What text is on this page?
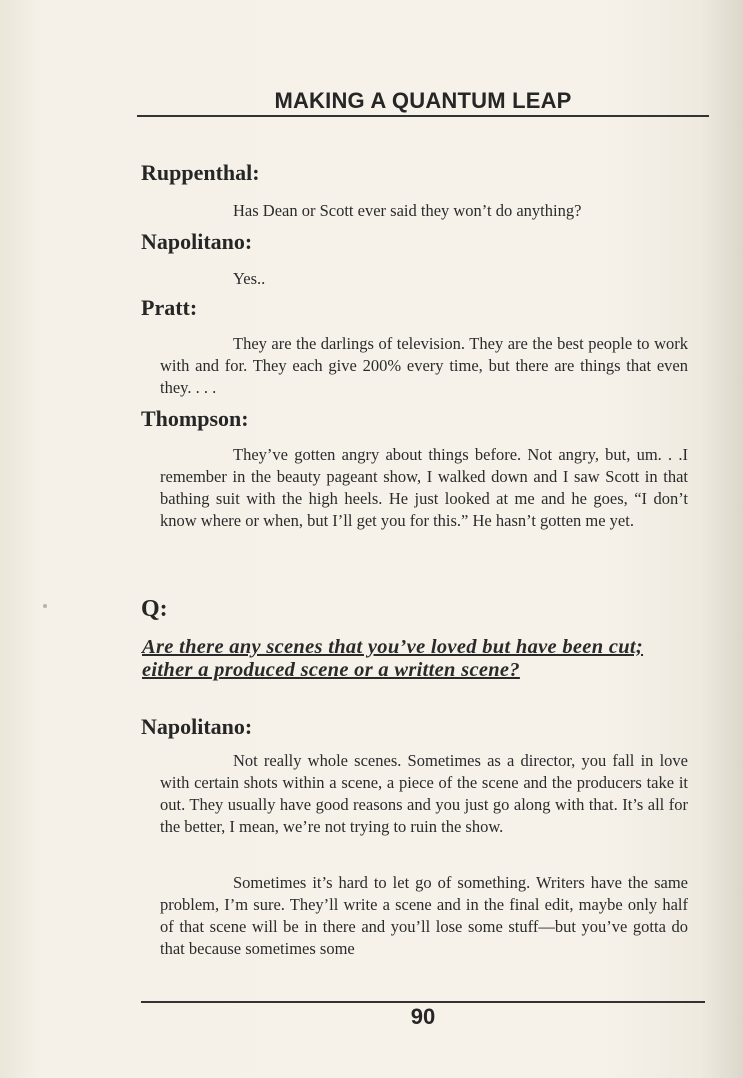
MAKING A QUANTUM LEAP
Ruppenthal:
Has Dean or Scott ever said they won’t do anything?
Napolitano:
Yes..
Pratt:
They are the darlings of television. They are the best people to work with and for. They each give 200% every time, but there are things that even they. . . .
Thompson:
They’ve gotten angry about things before. Not angry, but, um. . .I remember in the beauty pageant show, I walked down and I saw Scott in that bathing suit with the high heels. He just looked at me and he goes, “I don’t know where or when, but I’ll get you for this.” He hasn’t gotten me yet.
Q:
Are there any scenes that you’ve loved but have been cut; either a produced scene or a written scene?
Napolitano:
Not really whole scenes. Sometimes as a director, you fall in love with certain shots within a scene, a piece of the scene and the producers take it out. They usually have good reasons and you just go along with that. It’s all for the better, I mean, we’re not trying to ruin the show.
Sometimes it’s hard to let go of something. Writers have the same problem, I’m sure. They’ll write a scene and in the final edit, maybe only half of that scene will be in there and you’ll lose some stuff—but you’ve gotta do that because sometimes some
90
